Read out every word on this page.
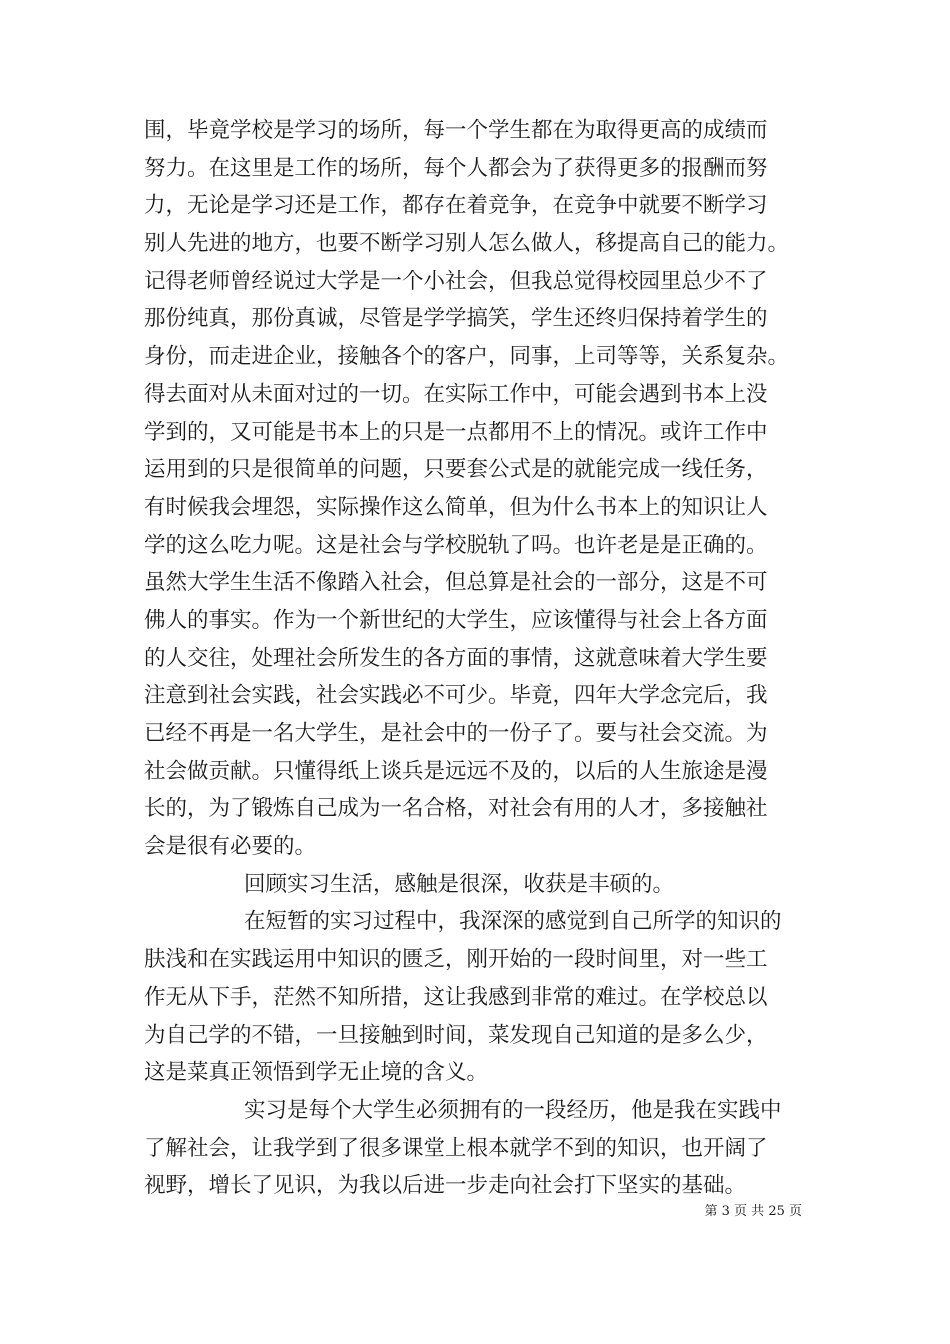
围，毕竟学校是学习的场所，每一个学生都在为取得更高的成绩而
努力。在这里是工作的场所，每个人都会为了获得更多的报酬而努
力，无论是学习还是工作，都存在着竞争，在竞争中就要不断学习
别人先进的地方，也要不断学习别人怎么做人，移提高自己的能力。
记得老师曾经说过大学是一个小社会，但我总觉得校园里总少不了
那份纯真，那份真诚，尽管是学学搞笑，学生还终归保持着学生的
身份，而走进企业，接触各个的客户，同事，上司等等，关系复杂。
得去面对从未面对过的一切。在实际工作中，可能会遇到书本上没
学到的，又可能是书本上的只是一点都用不上的情况。或许工作中
运用到的只是很简单的问题，只要套公式是的就能完成一线任务，
有时候我会埋怨，实际操作这么简单，但为什么书本上的知识让人
学的这么吃力呢。这是社会与学校脱轨了吗。也许老是是正确的。
虽然大学生生活不像踏入社会，但总算是社会的一部分，这是不可
佛人的事实。作为一个新世纪的大学生，应该懂得与社会上各方面
的人交往，处理社会所发生的各方面的事情，这就意味着大学生要
注意到社会实践，社会实践必不可少。毕竟，四年大学念完后，我
已经不再是一名大学生，是社会中的一份子了。要与社会交流。为
社会做贡献。只懂得纸上谈兵是远远不及的，以后的人生旅途是漫
长的，为了锻炼自己成为一名合格，对社会有用的人才，多接触社
会是很有必要的。
回顾实习生活，感触是很深，收获是丰硕的。
在短暂的实习过程中，我深深的感觉到自己所学的知识的
肤浅和在实践运用中知识的匮乏，刚开始的一段时间里，对一些工
作无从下手，茫然不知所措，这让我感到非常的难过。在学校总以
为自己学的不错，一旦接触到时间，菜发现自己知道的是多么少，
这是菜真正领悟到学无止境的含义。
实习是每个大学生必须拥有的一段经历，他是我在实践中
了解社会，让我学到了很多课堂上根本就学不到的知识，也开阔了
视野，增长了见识，为我以后进一步走向社会打下坚实的基础。
第 3 页 共 25 页
